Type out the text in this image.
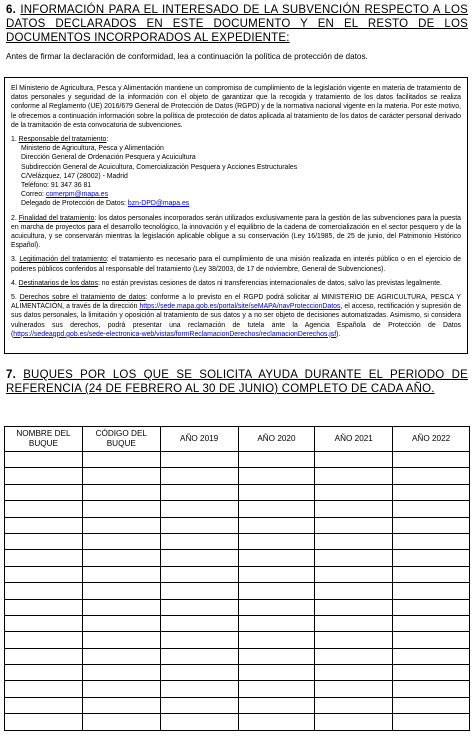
6. INFORMACIÓN PARA EL INTERESADO DE LA SUBVENCIÓN RESPECTO A LOS DATOS DECLARADOS EN ESTE DOCUMENTO Y EN EL RESTO DE LOS DOCUMENTOS INCORPORADOS AL EXPEDIENTE:
Antes de firmar la declaración de conformidad, lea a continuación la política de protección de datos.

El Ministerio de Agricultura, Pesca y Alimentación mantiene un compromiso de cumplimiento de la legislación vigente en materia de tratamiento de datos personales y seguridad de la información con el objeto de garantizar que la recogida y tratamiento de los datos facilitados se realiza conforme al Reglamento (UE) 2016/679 General de Protección de Datos (RGPD) y de la normativa nacional vigente en la materia. Por este motivo, le ofrecemos a continuación información sobre la política de protección de datos aplicada al tratamiento de los datos de carácter personal derivado de la tramitación de esta convocatoria de subvenciones.

1. Responsable del tratamiento:
Ministerio de Agricultura, Pesca y Alimentación
Dirección General de Ordenación Pesquera y Acuicultura
Subdirección General de Acuicultura, Comercialización Pesquera y Acciones Estructurales
C/Velázquez, 147 (28002) - Madrid
Teléfono: 91 347 36 81
Correo: comerpm@mapa.es
Delegado de Protección de Datos: bzn-DPD@mapa.es

2. Finalidad del tratamiento: los datos personales incorporados serán utilizados exclusivamente para la gestión de las subvenciones para la puesta en marcha de proyectos para el desarrollo tecnológico, la innovación y el equilibrio de la cadena de comercialización en el sector pesquero y de la acuicultura, y se conservarán mientras la legislación aplicable obligue a su conservación (Ley 16/1985, de 25 de junio, del Patrimonio Histórico Español).

3. Legitimación del tratamiento: el tratamiento es necesario para el cumplimiento de una misión realizada en interés público o en el ejercicio de poderes públicos conferidos al responsable del tratamiento (Ley 38/2003, de 17 de noviembre, General de Subvenciones).

4. Destinatarios de los datos: no están previstas cesiones de datos ni transferencias internacionales de datos, salvo las previstas legalmente.

5. Derechos sobre el tratamiento de datos: conforme a lo previsto en el RGPD podrá solicitar al MINISTERIO DE AGRICULTURA, PESCA Y ALIMENTACIÓN, a través de la dirección https://sede.mapa.gob.es/portal/site/seMAPA/navProteccionDatos, el acceso, rectificación y supresión de sus datos personales, la limitación y oposición al tratamiento de sus datos y a no ser objeto de decisiones automatizadas. Asimismo, si considera vulnerados sus derechos, podrá presentar una reclamación de tutela ante la Agencia Española de Protección de Datos (https://sedeagpd.gob.es/sede-electronica-web/vistas/formReclamacionDerechos/reclamacionDerechos.jsf).

7. BUQUES POR LOS QUE SE SOLICITA AYUDA DURANTE EL PERIODO DE REFERENCIA (24 DE FEBRERO AL 30 DE JUNIO) COMPLETO DE CADA AÑO.
NOMBRE DEL BUQUE	CÓDIGO DEL BUQUE	AÑO 2019	AÑO 2020	AÑO 2021	AÑO 2022
